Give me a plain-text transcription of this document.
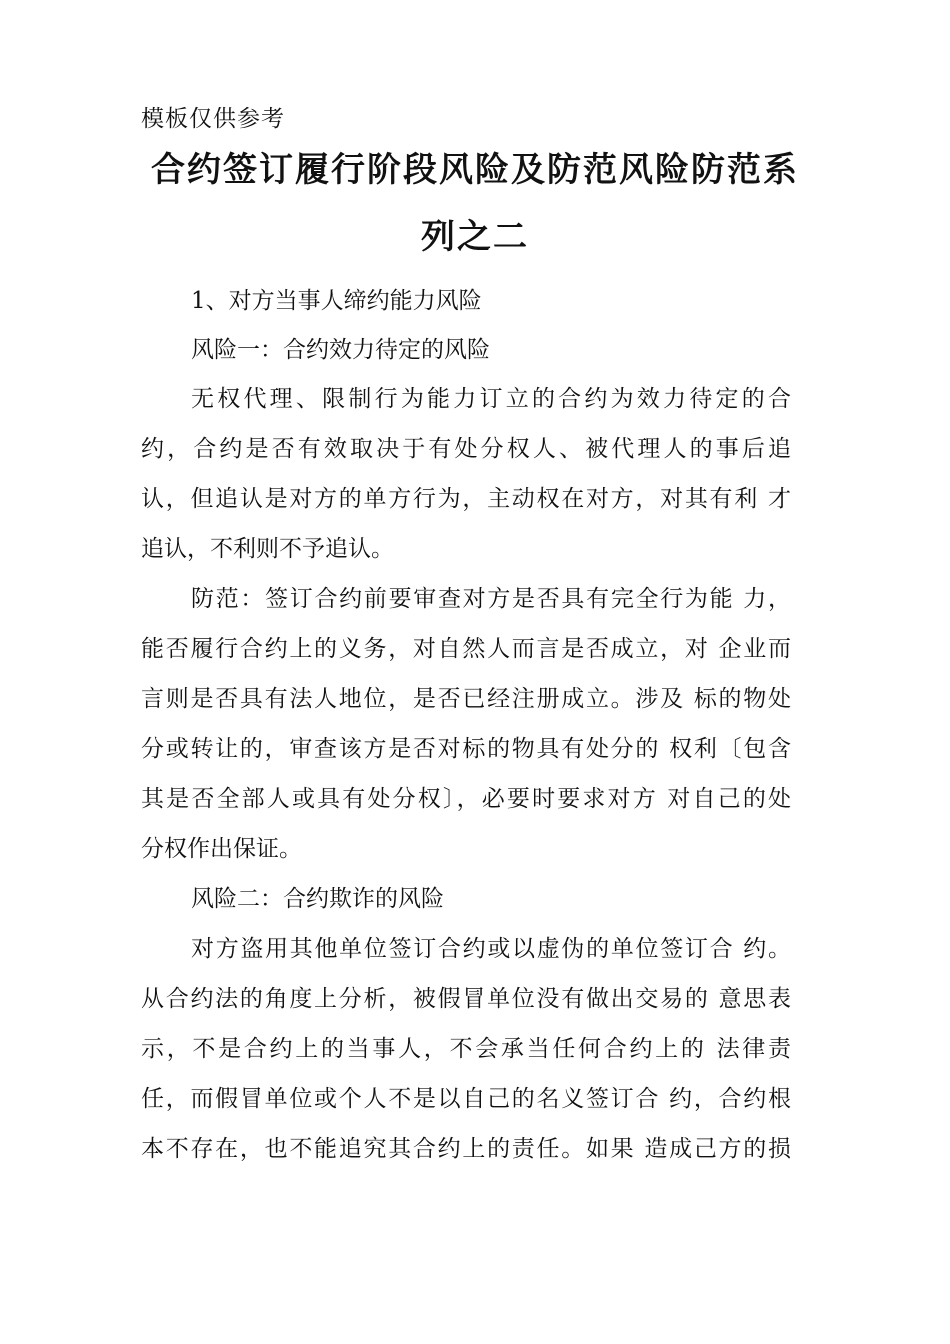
模板仅供参考
合约签订履行阶段风险及防范风险防范系
列之二
1、对方当事人缔约能力风险
风险一：合约效力待定的风险
无权代理、限制行为能力订立的合约为效力待定的合
约，合约是否有效取决于有处分权人、被代理人的事后追
认，但追认是对方的单方行为，主动权在对方，对其有利 才
追认，不利则不予追认。
防范：签订合约前要审查对方是否具有完全行为能 力，
能否履行合约上的义务，对自然人而言是否成立，对 企业而
言则是否具有法人地位，是否已经注册成立。涉及 标的物处
分或转让的，审查该方是否对标的物具有处分的 权利〔包含
其是否全部人或具有处分权〕，必要时要求对方 对自己的处
分权作出保证。
风险二：合约欺诈的风险
对方盗用其他单位签订合约或以虚伪的单位签订合 约。
从合约法的角度上分析，被假冒单位没有做出交易的 意思表
示，不是合约上的当事人，不会承当任何合约上的 法律责
任，而假冒单位或个人不是以自己的名义签订合 约，合约根
本不存在，也不能追究其合约上的责任。如果 造成己方的损
